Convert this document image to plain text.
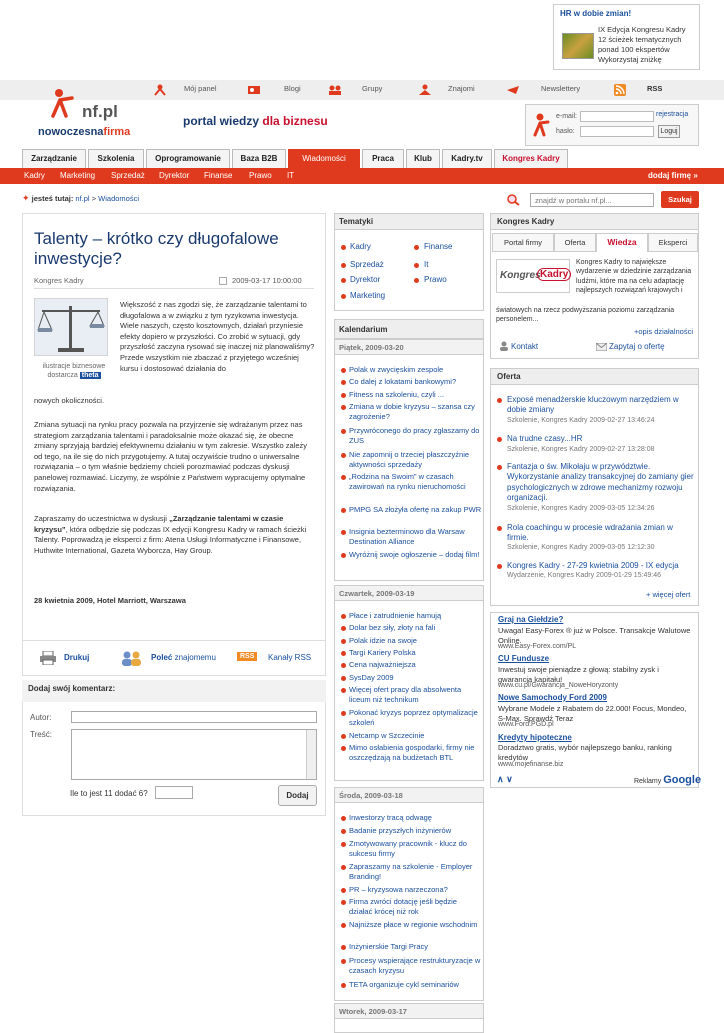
HR w dobie zmian!
IX Edycja Kongresu Kadry
12 ścieżek tematycznych
ponad 100 ekspertów
Wykorzystaj zniżkę
Mój panel	Blogi	Grupy	Znajomi	Newslettery	RSS
nf.pl
nowoczesnafirma
portal wiedzy dla biznesu	e-mail:
hasło:
rejestracja
Loguj
Zarządzanie	Szkolenia	Oprogramowanie	Baza B2B	Wiadomości	Praca	Klub	Kadry.tv	Kongres Kadry
Kadry Marketing Sprzedaż Dyrektor Finanse Prawo IT	dodaj firmę »
✦ jesteś tutaj: nf.pl > Wiadomości
znajdź w portalu nf.pl...	Szukaj
Talenty – krótko czy długofalowe inwestycje?
Kongres Kadry	2009-03-17 10:00:00
ilustracje biznesowe
dostarcza theta
Większość z nas zgodzi się, że zarządzanie talentami to długofalowa a w związku z tym ryzykowna inwestycja. Wiele naszych, często kosztownych, działań przyniesie efekty dopiero w przyszłości. Co zrobić w sytuacji, gdy przyszłość zaczyna rysować się inaczej niż planowaliśmy? Przede wszystkim nie zbaczać z przyjętego wcześniej kursu i dostosować działania do
nowych okoliczności.
Zmiana sytuacji na rynku pracy pozwala na przyjrzenie się wdrażanym przez nas strategiom zarządzania talentami i paradoksalnie może okazać się, że obecne zmiany sprzyjają bardziej efektywnemu działaniu w tym zakresie. Wszystko zależy od tego, na ile się do nich przygotujemy. A tutaj oczywiście trudno o uniwersalne rozwiązania – o tym właśnie będziemy chcieli porozmawiać podczas dyskusji panelowej rozmawiać. Liczymy, że wspólnie z Państwem wypracujemy optymalne rozwiązania.
Zapraszamy do uczestnictwa w dyskusji „Zarządzanie talentami w czasie kryzysu”, która odbędzie się podczas IX edycji Kongresu Kadry w ramach ścieżki Talenty. Poprowadzą je eksperci z firm: Atena Usługi Informatyczne i Finansowe, Huthwite International, Gazeta Wyborcza, Hay Group.
28 kwietnia 2009, Hotel Marriott, Warszawa
Drukuj	Poleć znajomemu	RSS	Kanały RSS
Dodaj swój komentarz:
Autor:
Treść:
Ile to jest 11 dodać 6?	Dodaj
Tematyki
Kadry
Sprzedaż
Dyrektor
Marketing
Finanse
It
Prawo
Kalendarium
Kongres Kadry
Portal firmy	Oferta	Wiedza	Eksperci
Kongres Kadry
Kongres Kadry to największe wydarzenie w dziedzinie zarządzania ludźmi, które ma na celu adaptację najlepszych rozwiązań krajowych i
światowych na rzecz podwyższania poziomu zarządzania personelem...
+opis działalności
Kontakt	Zapytaj o ofertę
Oferta
+ więcej ofert
∧ ∨	Reklamy Google
Piątek, 2009-03-20
Polak w zwycięskim zespole
Co dalej z lokatami bankowymi?
Fitness na szkoleniu, czyli ...
Zmiana w dobie kryzysu – szansa czy zagrożenie?
Przywróconego do pracy zgłaszamy do ZUS
Nie zapomnij o trzeciej płaszczyźnie aktywności sprzedaży
„Rodzina na Swoim” w czasach zawirowań na rynku nieruchomości
PMPG SA złożyła ofertę na zakup PWR
Insignia bezterminowo dla Warsaw Destination Alliance
Wyróżnij swoje ogłoszenie – dodaj film!
Czwartek, 2009-03-19
Płace i zatrudnienie hamują
Dolar bez siły, złoty na fali
Polak idzie na swoje
Targi Kariery Polska
Cena najważniejsza
SysDay 2009
Więcej ofert pracy dla absolwenta liceum niż technikum
Pokonać kryzys poprzez optymalizacje szkoleń
Netcamp w Szczecinie
Mimo osłabienia gospodarki, firmy nie oszczędzają na budżetach BTL
Środa, 2009-03-18
Inwestorzy tracą odwagę
Badanie przyszłych inżynierów
Zmotywowany pracownik - klucz do sukcesu firmy
Zapraszamy na szkolenie - Employer Branding!
PR – kryzysowa narzeczona?
Firma zwróci dotację jeśli będzie działać krócej niż rok
Najniższe płace w regionie wschodnim
Inżynierskie Targi Pracy
Procesy wspierające restrukturyzacje w czasach kryzysu
TETA organizuje cykl seminariów
Wtorek, 2009-03-17
Exposé menadżerskie kluczowym narzędziem w dobie zmiany
Szkolenie, Kongres Kadry 2009-02-27 13:46:24
Na trudne czasy...HR
Szkolenie, Kongres Kadry 2009-02-27 13:28:08
Fantazja o św. Mikołaju w przywództwie. Wykorzystanie analizy transakcyjnej do zamiany gier psychologicznych w zdrowe mechanizmy rozwoju organizacji.
Szkolenie, Kongres Kadry 2009-03-05 12:34:26
Rola coachingu w procesie wdrażania zmian w firmie.
Szkolenie, Kongres Kadry 2009-03-05 12:12:30
Kongres Kadry - 27-29 kwietnia 2009 - IX edycja
Wydarzenie, Kongres Kadry 2009-01-29 15:49:46
Graj na Giełdzie?
Uwaga! Easy-Forex ® już w Polsce. Transakcje Walutowe Online.
www.Easy-Forex.com/PL
CU Fundusze
Inwestuj swoje pieniądze z głową: stabilny zysk i gwarancja kapitału!
www.cu.pl/Gwarancja_NoweHoryzonty
Nowe Samochody Ford 2009
Wybrane Modele z Rabatem do 22.000! Focus, Mondeo, S-Max. Sprawdź Teraz
www.Ford.PGD.pl
Kredyty hipoteczne
Doradztwo gratis, wybór najlepszego banku, ranking kredytów
www.mojefinanse.biz
